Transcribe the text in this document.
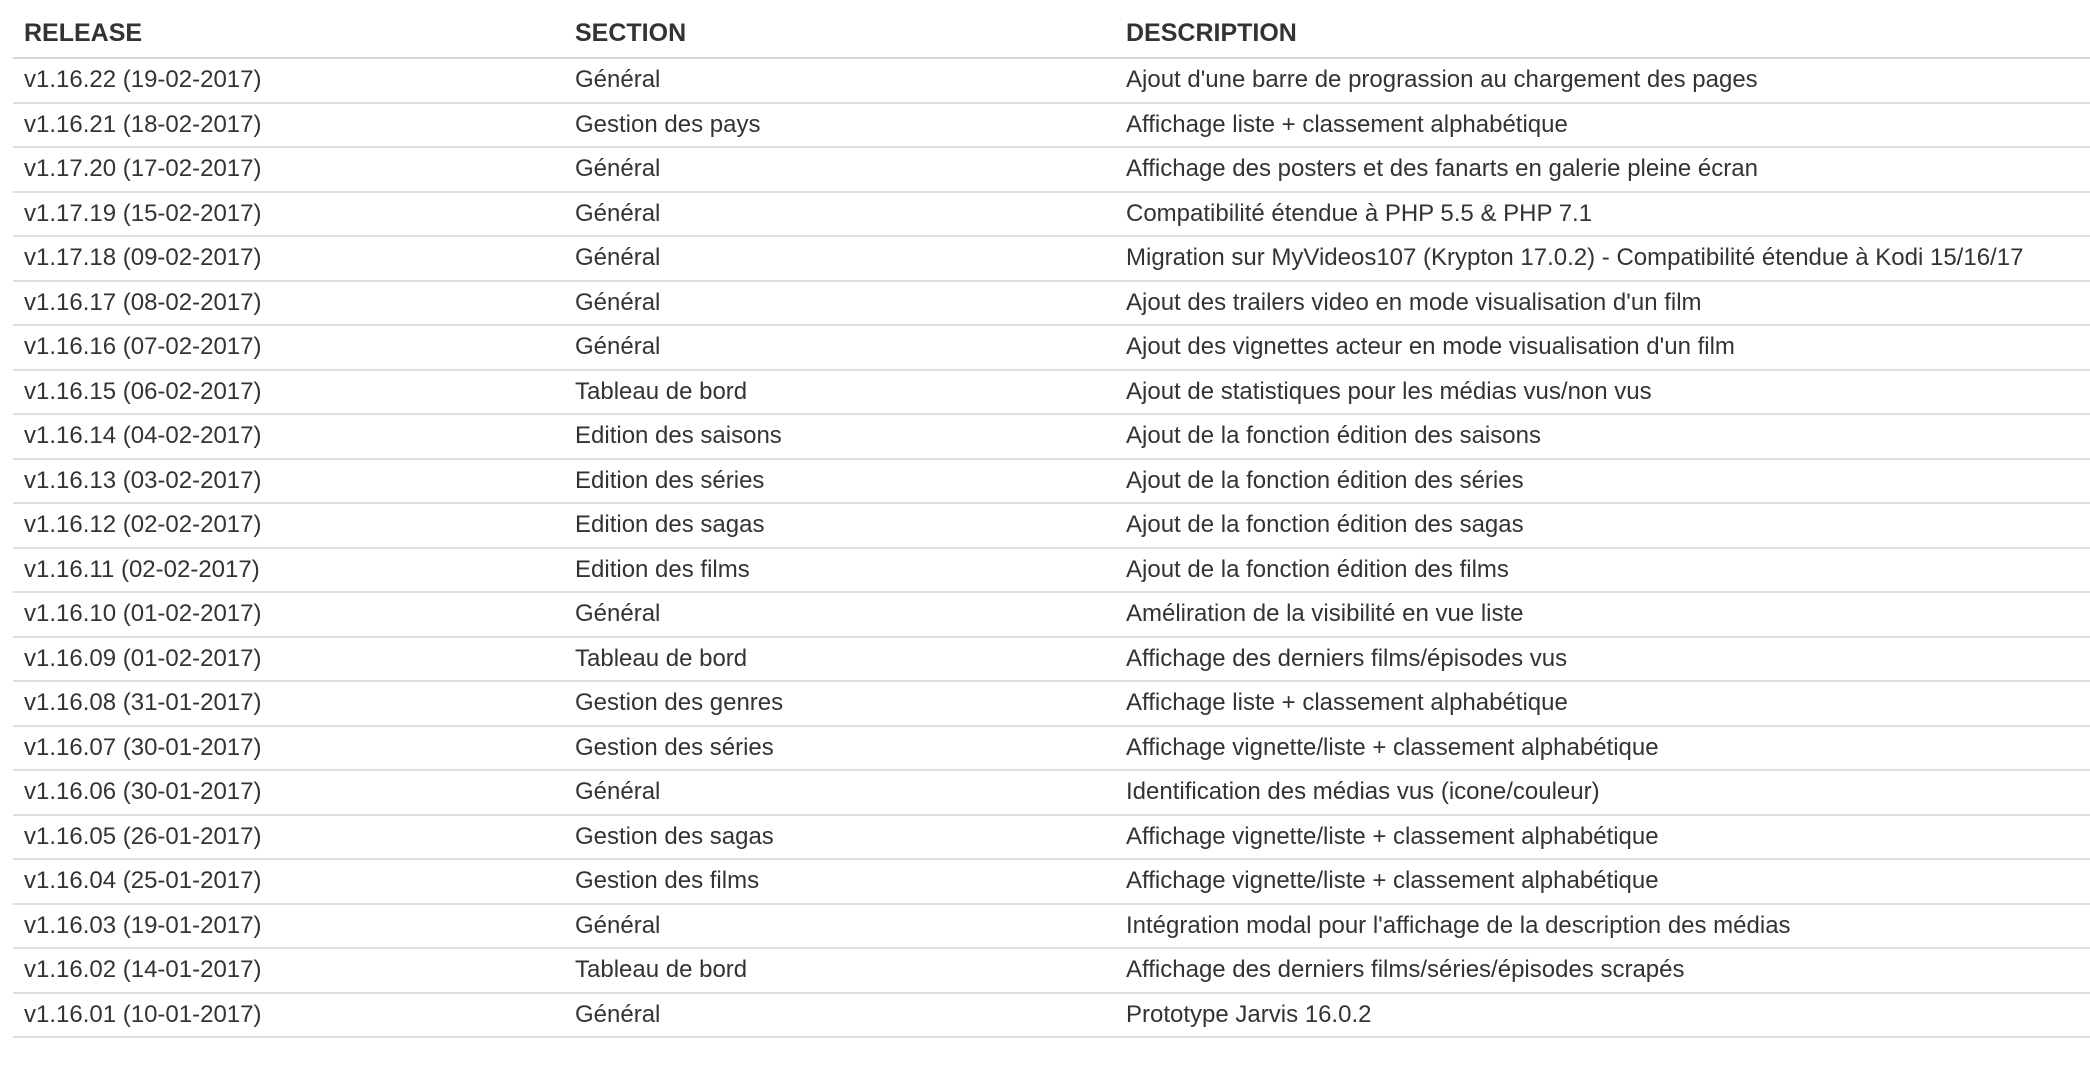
RELEASE	SECTION	DESCRIPTION
v1.16.22 (19-02-2017)	Général	Ajout d'une barre de prograssion au chargement des pages
v1.16.21 (18-02-2017)	Gestion des pays	Affichage liste + classement alphabétique
v1.17.20 (17-02-2017)	Général	Affichage des posters et des fanarts en galerie pleine écran
v1.17.19 (15-02-2017)	Général	Compatibilité étendue à PHP 5.5 & PHP 7.1
v1.17.18 (09-02-2017)	Général	Migration sur MyVideos107 (Krypton 17.0.2) - Compatibilité étendue à Kodi 15/16/17
v1.16.17 (08-02-2017)	Général	Ajout des trailers video en mode visualisation d'un film
v1.16.16 (07-02-2017)	Général	Ajout des vignettes acteur en mode visualisation d'un film
v1.16.15 (06-02-2017)	Tableau de bord	Ajout de statistiques pour les médias vus/non vus
v1.16.14 (04-02-2017)	Edition des saisons	Ajout de la fonction édition des saisons
v1.16.13 (03-02-2017)	Edition des séries	Ajout de la fonction édition des séries
v1.16.12 (02-02-2017)	Edition des sagas	Ajout de la fonction édition des sagas
v1.16.11 (02-02-2017)	Edition des films	Ajout de la fonction édition des films
v1.16.10 (01-02-2017)	Général	Améliration de la visibilité en vue liste
v1.16.09 (01-02-2017)	Tableau de bord	Affichage des derniers films/épisodes vus
v1.16.08 (31-01-2017)	Gestion des genres	Affichage liste + classement alphabétique
v1.16.07 (30-01-2017)	Gestion des séries	Affichage vignette/liste + classement alphabétique
v1.16.06 (30-01-2017)	Général	Identification des médias vus (icone/couleur)
v1.16.05 (26-01-2017)	Gestion des sagas	Affichage vignette/liste + classement alphabétique
v1.16.04 (25-01-2017)	Gestion des films	Affichage vignette/liste + classement alphabétique
v1.16.03 (19-01-2017)	Général	Intégration modal pour l'affichage de la description des médias
v1.16.02 (14-01-2017)	Tableau de bord	Affichage des derniers films/séries/épisodes scrapés
v1.16.01 (10-01-2017)	Général	Prototype Jarvis 16.0.2
